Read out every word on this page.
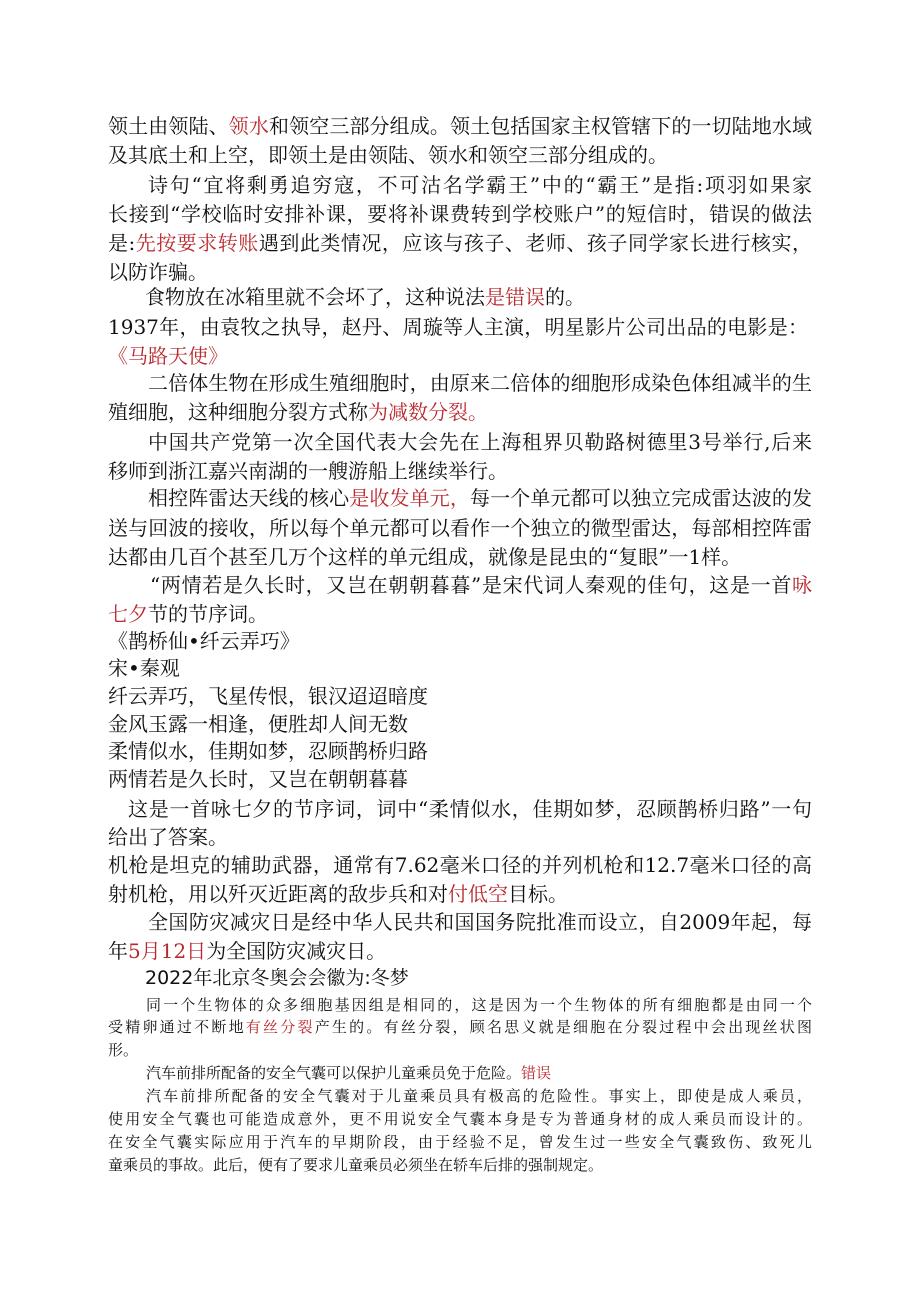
领土由领陆、领水和领空三部分组成。领土包括国家主权管辖下的一切陆地水域
及其底土和上空，即领土是由领陆、领水和领空三部分组成的。
诗句“宜将剩勇追穷寇，不可沽名学霸王”中的“霸王”是指:项羽如果家
长接到“学校临时安排补课，要将补课费转到学校账户”的短信时，错误的做法
是:先按要求转账遇到此类情况，应该与孩子、老师、孩子同学家长进行核实，
以防诈骗。
食物放在冰箱里就不会坏了，这种说法是错误的。
1937年，由袁牧之执导，赵丹、周璇等人主演，明星影片公司出品的电影是：
《马路天使》
二倍体生物在形成生殖细胞时，由原来二倍体的细胞形成染色体组减半的生
殖细胞，这种细胞分裂方式称为减数分裂。
中国共产党第一次全国代表大会先在上海租界贝勒路树德里3号举行,后来
移师到浙江嘉兴南湖的一艘游船上继续举行。
相控阵雷达天线的核心是收发单元，每一个单元都可以独立完成雷达波的发
送与回波的接收，所以每个单元都可以看作一个独立的微型雷达，每部相控阵雷
达都由几百个甚至几万个这样的单元组成，就像是昆虫的“复眼”一1样。
“两情若是久长时，又岂在朝朝暮暮”是宋代词人秦观的佳句，这是一首咏
七夕节的节序词。
《鹊桥仙•纤云弄巧》
宋•秦观
纤云弄巧，飞星传恨，银汉迢迢暗度
金风玉露一相逢，便胜却人间无数
柔情似水，佳期如梦，忍顾鹊桥归路
两情若是久长时，又岂在朝朝暮暮
这是一首咏七夕的节序词，词中“柔情似水，佳期如梦，忍顾鹊桥归路”一句
给出了答案。
机枪是坦克的辅助武器，通常有7.62毫米口径的并列机枪和12.7毫米口径的高
射机枪，用以歼灭近距离的敌步兵和对付低空目标。
全国防灾减灾日是经中华人民共和国国务院批准而设立，自2009年起，每
年5月12日为全国防灾减灾日。
2022年北京冬奥会会徽为:冬梦
同一个生物体的众多细胞基因组是相同的，这是因为一个生物体的所有细胞都是由同一个
受精卵通过不断地有丝分裂产生的。有丝分裂，顾名思义就是细胞在分裂过程中会出现丝状图
形。
汽车前排所配备的安全气囊可以保护儿童乘员免于危险。错误
汽车前排所配备的安全气囊对于儿童乘员具有极高的危险性。事实上，即使是成人乘员，
使用安全气囊也可能造成意外，更不用说安全气囊本身是专为普通身材的成人乘员而设计的。
在安全气囊实际应用于汽车的早期阶段，由于经验不足，曾发生过一些安全气囊致伤、致死儿
童乘员的事故。此后，便有了要求儿童乘员必须坐在轿车后排的强制规定。
